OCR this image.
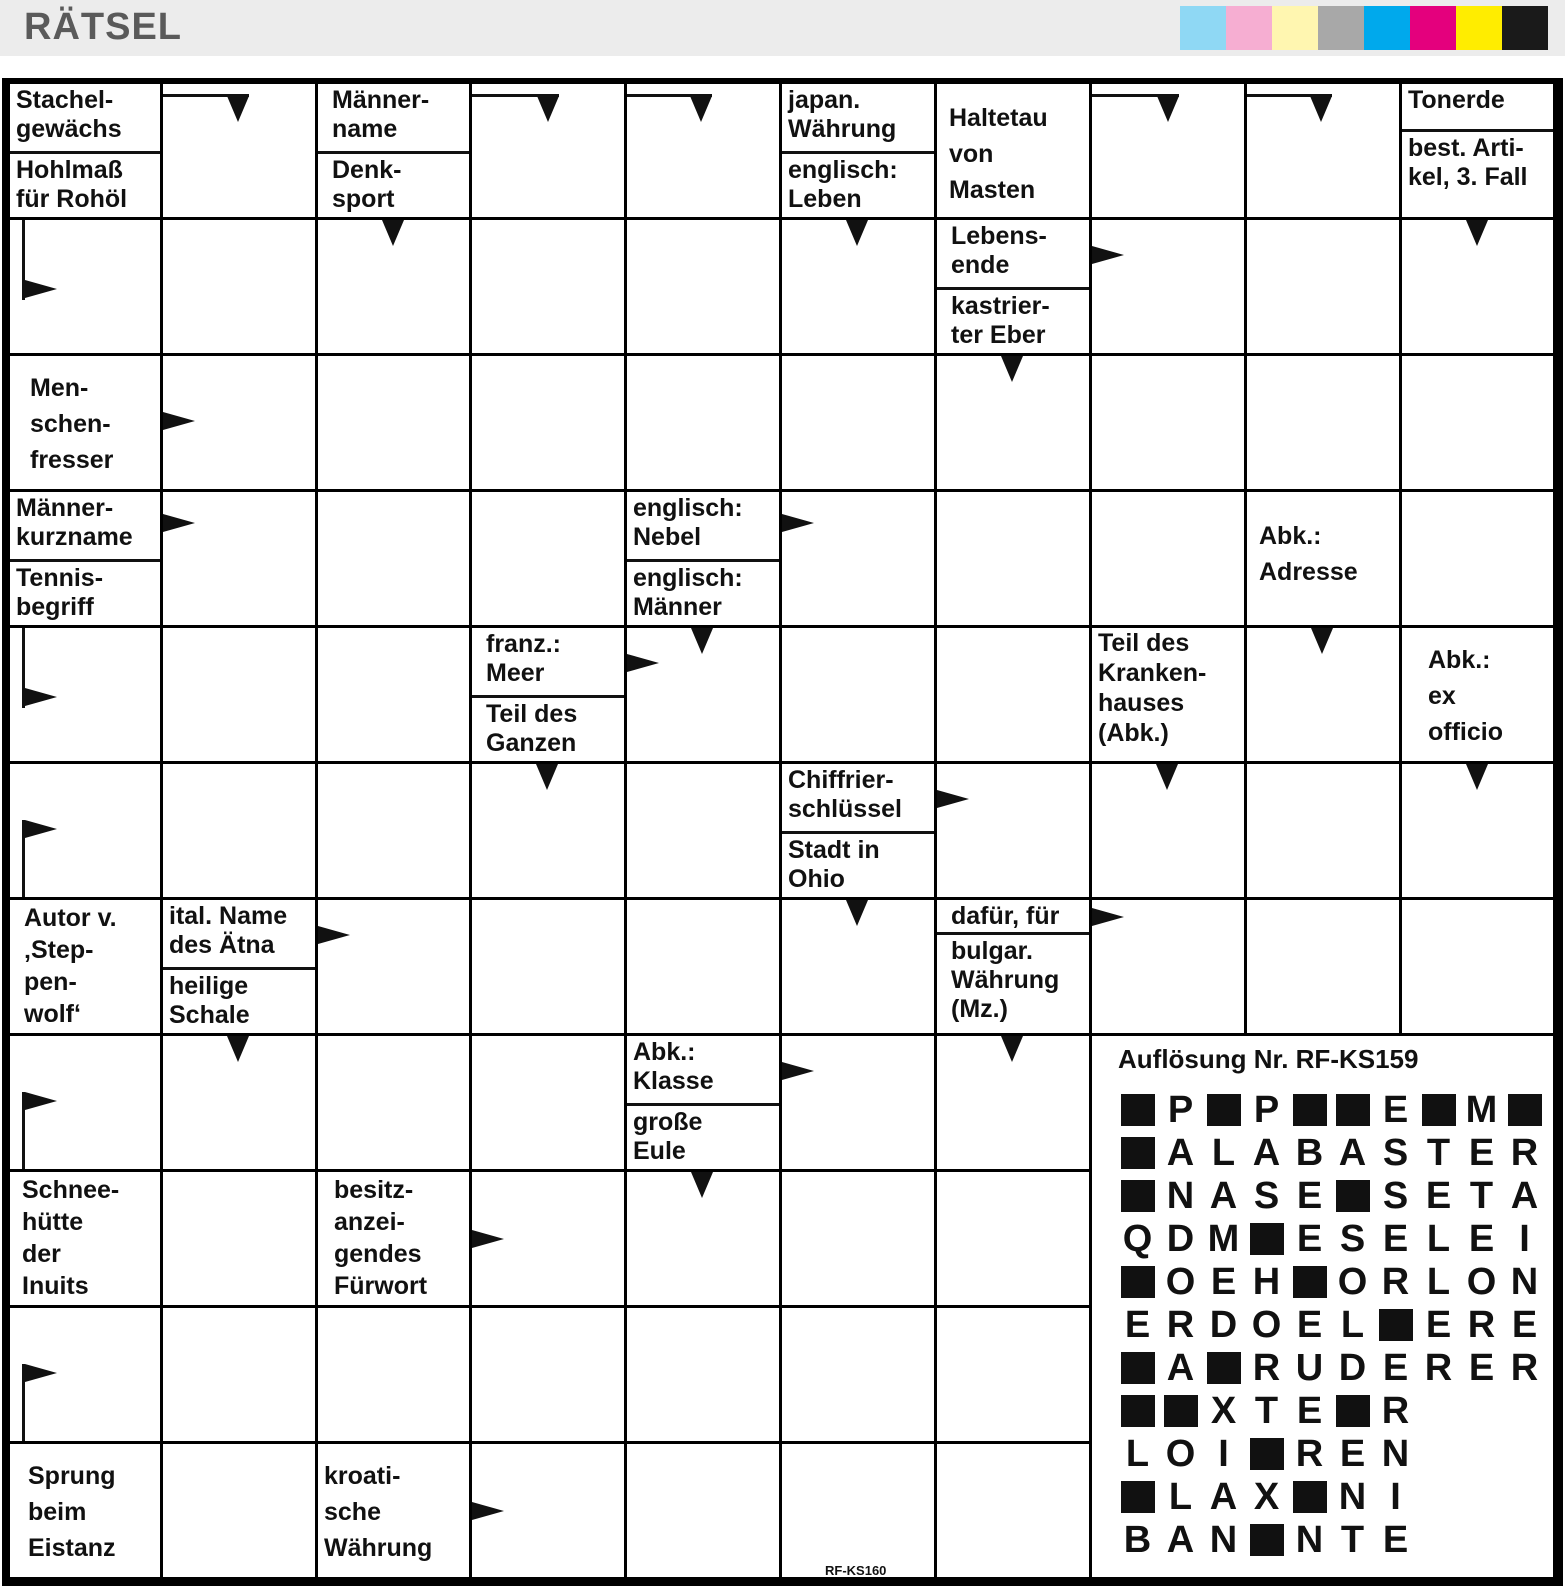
RÄTSEL
Stachel-
gewächs
Hohlmaß
für Rohöl
Männer-
name
Denk-
sport
japan.
Währung
englisch:
Leben
Haltetau
von
Masten
Tonerde
best. Arti-
kel, 3. Fall
Lebens-
ende
kastrier-
ter Eber
Men-
schen-
fresser
Männer-
kurzname
Tennis-
begriff
englisch:
Nebel
englisch:
Männer
Abk.:
Adresse
franz.:
Meer
Teil des
Ganzen
Teil des
Kranken-
hauses
(Abk.)
Abk.:
ex
officio
Chiffrier-
schlüssel
Stadt in
Ohio
Autor v.
‚Step-
pen-
wolf‘
ital. Name
des Ätna
heilige
Schale
dafür, für
bulgar.
Währung
(Mz.)
Abk.:
Klasse
große
Eule
Schnee-
hütte
der
Inuits
besitz-
anzei-
gendes
Fürwort
Sprung
beim
Eistanz
kroati-
sche
Währung
Auflösung Nr. RF-KS159
P P	E M
A L A B A S T E R
N A S E S E T A
Q D M E S E L E I
O E H O R L O N
E R D O E L E R E
A R U D E R E R
X T E R
L O I	R E N
L A X N I
B A N N T E
RF-KS160
